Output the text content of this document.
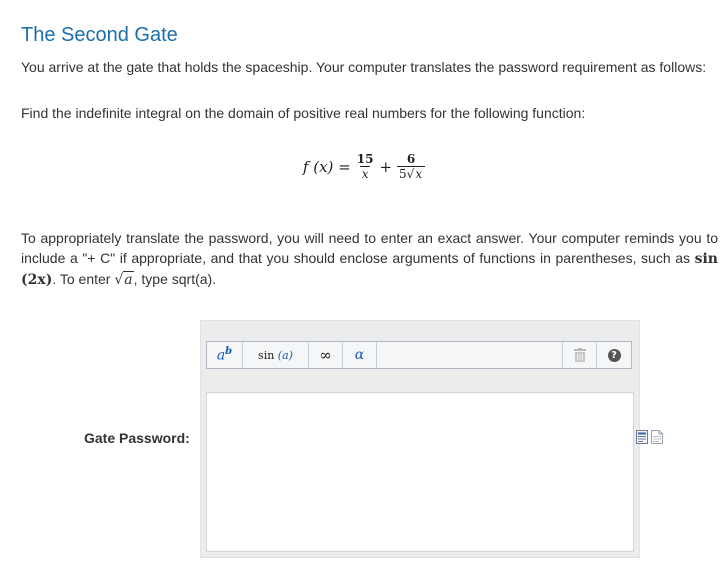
The Second Gate

You arrive at the gate that holds the spaceship. Your computer translates the password requirement as follows:

Find the indefinite integral on the domain of positive real numbers for the following function:

f $(x) = \frac{15}{x} + \frac{6}{5√x}$

To appropriately translate the password, you will need to enter an exact answer. Your computer reminds you to include a "+ C" if appropriate, and that you should enclose arguments of functions in parentheses, such as sin (2x). To enter √a, type sqrt(a).

Gate Password:
$a^b$ sin (a) ∞ α	?
